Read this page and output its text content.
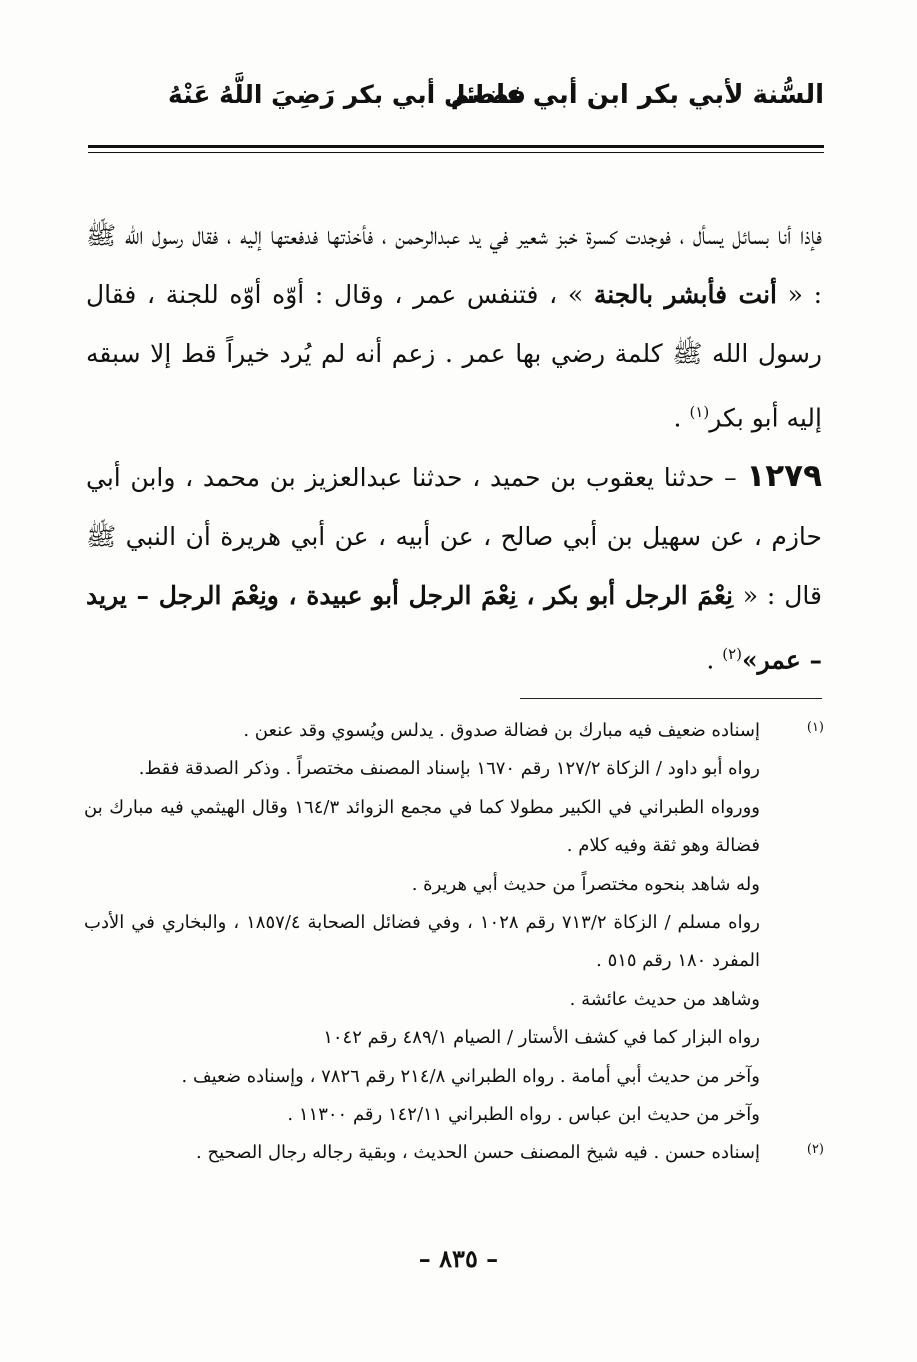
السُّنة لأبي بكر ابن أبي عاصم
فضائل أبي بكر رَضِيَ اللَّهُ عَنْهُ

فإذا أنا بسائل يسأل ، فوجدت كسرة خبز شعير في يد عبدالرحمن ، فأخذتها فدفعتها إليه ، فقال رسول الله ﷺ : « أنت فأبشر بالجنة » ، فتنفس عمر ، وقال : أوّه أوّه للجنة ، فقال رسول الله ﷺ كلمة رضي بها عمر . زعم أنه لم يُرد خيراً قط إلا سبقه إليه أبو بكر$^{(١)}$ .

١٢٧٩ – حدثنا يعقوب بن حميد ، حدثنا عبدالعزيز بن محمد ، وابن أبي حازم ، عن سهيل بن أبي صالح ، عن أبيه ، عن أبي هريرة أن النبي ﷺ قال : « نِعْمَ الرجل أبو بكر ، نِعْمَ الرجل أبو عبيدة ، ونِعْمَ الرجل – يريد – عمر»$^{(٢)}$ .

(١)

إسناده ضعيف فيه مبارك بن فضالة صدوق . يدلس ويُسوي وقد عنعن .

رواه أبو داود / الزكاة ١٢٧/٢ رقم ١٦٧٠ بإسناد المصنف مختصراً . وذكر الصدقة فقط.

وورواه الطبراني في الكبير مطولا كما في مجمع الزوائد ١٦٤/٣ وقال الهيثمي فيه مبارك بن فضالة وهو ثقة وفيه كلام .

وله شاهد بنحوه مختصراً من حديث أبي هريرة .

رواه مسلم / الزكاة ٧١٣/٢ رقم ١٠٢٨ ، وفي فضائل الصحابة ١٨٥٧/٤ ، والبخاري في الأدب المفرد ١٨٠ رقم ٥١٥ .

وشاهد من حديث عائشة .

رواه البزار كما في كشف الأستار / الصيام ٤٨٩/١ رقم ١٠٤٢

وآخر من حديث أبي أمامة . رواه الطبراني ٢١٤/٨ رقم ٧٨٢٦ ، وإسناده ضعيف .

وآخر من حديث ابن عباس . رواه الطبراني ١٤٢/١١ رقم ١١٣٠٠ .

(٢)

إسناده حسن . فيه شيخ المصنف حسن الحديث ، وبقية رجاله رجال الصحيح .

– ٨٣٥ –
